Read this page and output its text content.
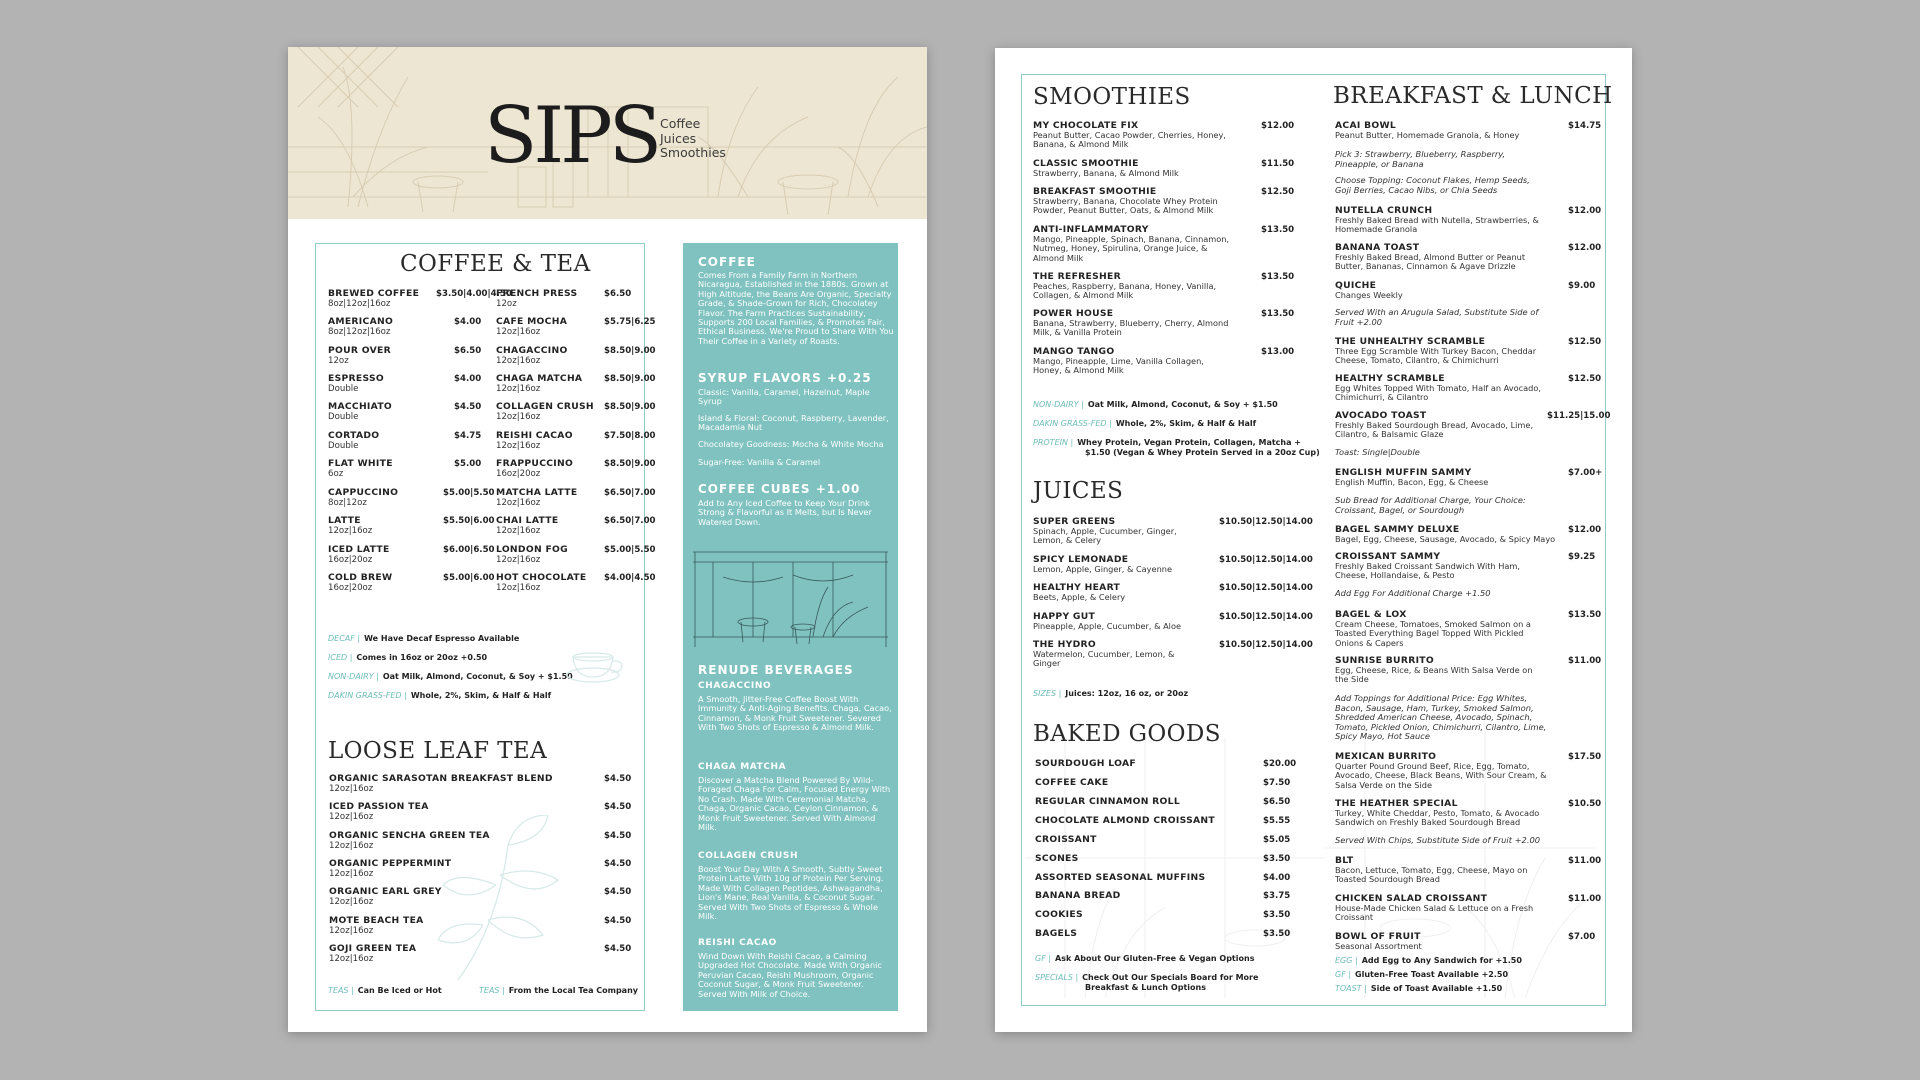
SIPS Coffee
Juices
Smoothies
COFFEE & TEA
BREWED COFFEE
8oz|12oz|16oz
$3.50|4.00|4.50
AMERICANO
8oz|12oz|16oz
$4.00
POUR OVER
12oz
$6.50
ESPRESSO
Double
$4.00
MACCHIATO
Double
$4.50
CORTADO
Double
$4.75
FLAT WHITE
6oz
$5.00
CAPPUCCINO
8oz|12oz
$5.00|5.50
LATTE
12oz|16oz
$5.50|6.00
ICED LATTE
16oz|20oz
$6.00|6.50
COLD BREW
16oz|20oz
$5.00|6.00
FRENCH PRESS
12oz
$6.50
CAFE MOCHA
12oz|16oz
$5.75|6.25
CHAGACCINO
12oz|16oz
$8.50|9.00
CHAGA MATCHA
12oz|16oz
$8.50|9.00
COLLAGEN CRUSH
12oz|16oz
$8.50|9.00
REISHI CACAO
12oz|16oz
$7.50|8.00
FRAPPUCCINO
16oz|20oz
$8.50|9.00
MATCHA LATTE
12oz|16oz
$6.50|7.00
CHAI LATTE
12oz|16oz
$6.50|7.00
LONDON FOG
12oz|16oz
$5.00|5.50
HOT CHOCOLATE
12oz|16oz
$4.00|4.50
DECAF | We Have Decaf Espresso Available
ICED | Comes in 16oz or 20oz +0.50
NON-DAIRY | Oat Milk, Almond, Coconut, & Soy + $1.50
DAKIN GRASS-FED | Whole, 2%, Skim, & Half & Half
LOOSE LEAF TEA
ORGANIC SARASOTAN BREAKFAST BLEND
12oz|16oz
$4.50
ICED PASSION TEA
12oz|16oz
$4.50
ORGANIC SENCHA GREEN TEA
12oz|16oz
$4.50
ORGANIC PEPPERMINT
12oz|16oz
$4.50
ORGANIC EARL GREY
12oz|16oz
$4.50
MOTE BEACH TEA
12oz|16oz
$4.50
GOJI GREEN TEA
12oz|16oz
$4.50
TEAS | Can Be Iced or Hot	TEAS | From the Local Tea Company
COFFEE
Comes From a Family Farm in Northern Nicaragua, Established in the 1880s. Grown at High Altitude, the Beans Are Organic, Specialty Grade, & Shade-Grown for Rich, Chocolatey Flavor. The Farm Practices Sustainability, Supports 200 Local Families, & Promotes Fair, Ethical Business. We're Proud to Share With You Their Coffee in a Variety of Roasts.
SYRUP FLAVORS +0.25
Classic: Vanilla, Caramel, Hazelnut, Maple Syrup
Island & Floral: Coconut, Raspberry, Lavender, Macadamia Nut
Chocolatey Goodness: Mocha & White Mocha
Sugar-Free: Vanilla & Caramel
COFFEE CUBES +1.00
Add to Any Iced Coffee to Keep Your Drink Strong & Flavorful as It Melts, but Is Never Watered Down.
RENUDE BEVERAGES
CHAGACCINO
A Smooth, Jitter-Free Coffee Boost With Immunity & Anti-Aging Benefits. Chaga, Cacao, Cinnamon, & Monk Fruit Sweetener. Severed With Two Shots of Espresso & Almond Milk.
CHAGA MATCHA
Discover a Matcha Blend Powered By Wild-Foraged Chaga For Calm, Focused Energy With No Crash. Made With Ceremonial Matcha, Chaga, Organic Cacao, Ceylon Cinnamon, & Monk Fruit Sweetener. Served With Almond Milk.
COLLAGEN CRUSH
Boost Your Day With A Smooth, Subtly Sweet Protein Latte With 10g of Protein Per Serving. Made With Collagen Peptides, Ashwagandha, Lion's Mane, Real Vanilla, & Coconut Sugar. Served With Two Shots of Espresso & Whole Milk.
REISHI CACAO
Wind Down With Reishi Cacao, a Calming Upgraded Hot Chocolate. Made With Organic Peruvian Cacao, Reishi Mushroom, Organic Coconut Sugar, & Monk Fruit Sweetener. Served With Milk of Choice.
SMOOTHIES
MY CHOCOLATE FIX
Peanut Butter, Cacao Powder, Cherries, Honey, Banana, & Almond Milk
$12.00
CLASSIC SMOOTHIE
Strawberry, Banana, & Almond Milk
$11.50
BREAKFAST SMOOTHIE
Strawberry, Banana, Chocolate Whey Protein Powder, Peanut Butter, Oats, & Almond Milk
$12.50
ANTI-INFLAMMATORY
Mango, Pineapple, Spinach, Banana, Cinnamon, Nutmeg, Honey, Spirulina, Orange Juice, & Almond Milk
$13.50
THE REFRESHER
Peaches, Raspberry, Banana, Honey, Vanilla, Collagen, & Almond Milk
$13.50
POWER HOUSE
Banana, Strawberry, Blueberry, Cherry, Almond Milk, & Vanilla Protein
$13.50
MANGO TANGO
Mango, Pineapple, Lime, Vanilla Collagen, Honey, & Almond Milk
$13.00
NON-DAIRY | Oat Milk, Almond, Coconut, & Soy + $1.50
DAKIN GRASS-FED | Whole, 2%, Skim, & Half & Half
PROTEIN | Whey Protein, Vegan Protein, Collagen, Matcha +
$1.50 (Vegan & Whey Protein Served in a 20oz Cup)
JUICES
SUPER GREENS
Spinach, Apple, Cucumber, Ginger, Lemon, & Celery
$10.50|12.50|14.00
SPICY LEMONADE
Lemon, Apple, Ginger, & Cayenne
$10.50|12.50|14.00
HEALTHY HEART
Beets, Apple, & Celery
$10.50|12.50|14.00
HAPPY GUT
Pineapple, Apple, Cucumber, & Aloe
$10.50|12.50|14.00
THE HYDRO
Watermelon, Cucumber, Lemon, & Ginger
$10.50|12.50|14.00
SIZES | Juices: 12oz, 16 oz, or 20oz
BAKED GOODS
SOURDOUGH LOAF	$20.00
COFFEE CAKE	$7.50
REGULAR CINNAMON ROLL	$6.50
CHOCOLATE ALMOND CROISSANT	$5.55
CROISSANT	$5.05
SCONES	$3.50
ASSORTED SEASONAL MUFFINS	$4.00
BANANA BREAD	$3.75
COOKIES	$3.50
BAGELS	$3.50
GF | Ask About Our Gluten-Free & Vegan Options
SPECIALS | Check Out Our Specials Board for More
Breakfast & Lunch Options
BREAKFAST & LUNCH
ACAI BOWL
Peanut Butter, Homemade Granola, & Honey
$14.75
Pick 3: Strawberry, Blueberry, Raspberry, Pineapple, or Banana
Choose Topping: Coconut Flakes, Hemp Seeds, Goji Berries, Cacao Nibs, or Chia Seeds
NUTELLA CRUNCH
Freshly Baked Bread with Nutella, Strawberries, & Homemade Granola
$12.00
BANANA TOAST
Freshly Baked Bread, Almond Butter or Peanut Butter, Bananas, Cinnamon & Agave Drizzle
$12.00
QUICHE
Changes Weekly
$9.00
Served With an Arugula Salad, Substitute Side of Fruit +2.00
THE UNHEALTHY SCRAMBLE
Three Egg Scramble With Turkey Bacon, Cheddar Cheese, Tomato, Cilantro, & Chimichurri
$12.50
HEALTHY SCRAMBLE
Egg Whites Topped With Tomato, Half an Avocado, Chimichurri, & Cilantro
$12.50
AVOCADO TOAST
Freshly Baked Sourdough Bread, Avocado, Lime, Cilantro, & Balsamic Glaze
$11.25|15.00
Toast: Single|Double
ENGLISH MUFFIN SAMMY
English Muffin, Bacon, Egg, & Cheese
$7.00+
Sub Bread for Additional Charge, Your Choice: Croissant, Bagel, or Sourdough
BAGEL SAMMY DELUXE
Bagel, Egg, Cheese, Sausage, Avocado, & Spicy Mayo
$12.00
CROISSANT SAMMY
Freshly Baked Croissant Sandwich With Ham, Cheese, Hollandaise, & Pesto
$9.25
Add Egg For Additional Charge +1.50
BAGEL & LOX
Cream Cheese, Tomatoes, Smoked Salmon on a Toasted Everything Bagel Topped With Pickled Onions & Capers
$13.50
SUNRISE BURRITO
Egg, Cheese, Rice, & Beans With Salsa Verde on the Side
$11.00
Add Toppings for Additional Price: Egg Whites, Bacon, Sausage, Ham, Turkey, Smoked Salmon, Shredded American Cheese, Avocado, Spinach, Tomato, Pickled Onion, Chimichurri, Cilantro, Lime, Spicy Mayo, Hot Sauce
MEXICAN BURRITO
Quarter Pound Ground Beef, Rice, Egg, Tomato, Avocado, Cheese, Black Beans, With Sour Cream, & Salsa Verde on the Side
$17.50
THE HEATHER SPECIAL
Turkey, White Cheddar, Pesto, Tomato, & Avocado Sandwich on Freshly Baked Sourdough Bread
$10.50
Served With Chips, Substitute Side of Fruit +2.00
BLT
Bacon, Lettuce, Tomato, Egg, Cheese, Mayo on Toasted Sourdough Bread
$11.00
CHICKEN SALAD CROISSANT
House-Made Chicken Salad & Lettuce on a Fresh Croissant
$11.00
BOWL OF FRUIT
Seasonal Assortment
$7.00
EGG | Add Egg to Any Sandwich for +1.50
GF | Gluten-Free Toast Available +2.50
TOAST | Side of Toast Available +1.50
